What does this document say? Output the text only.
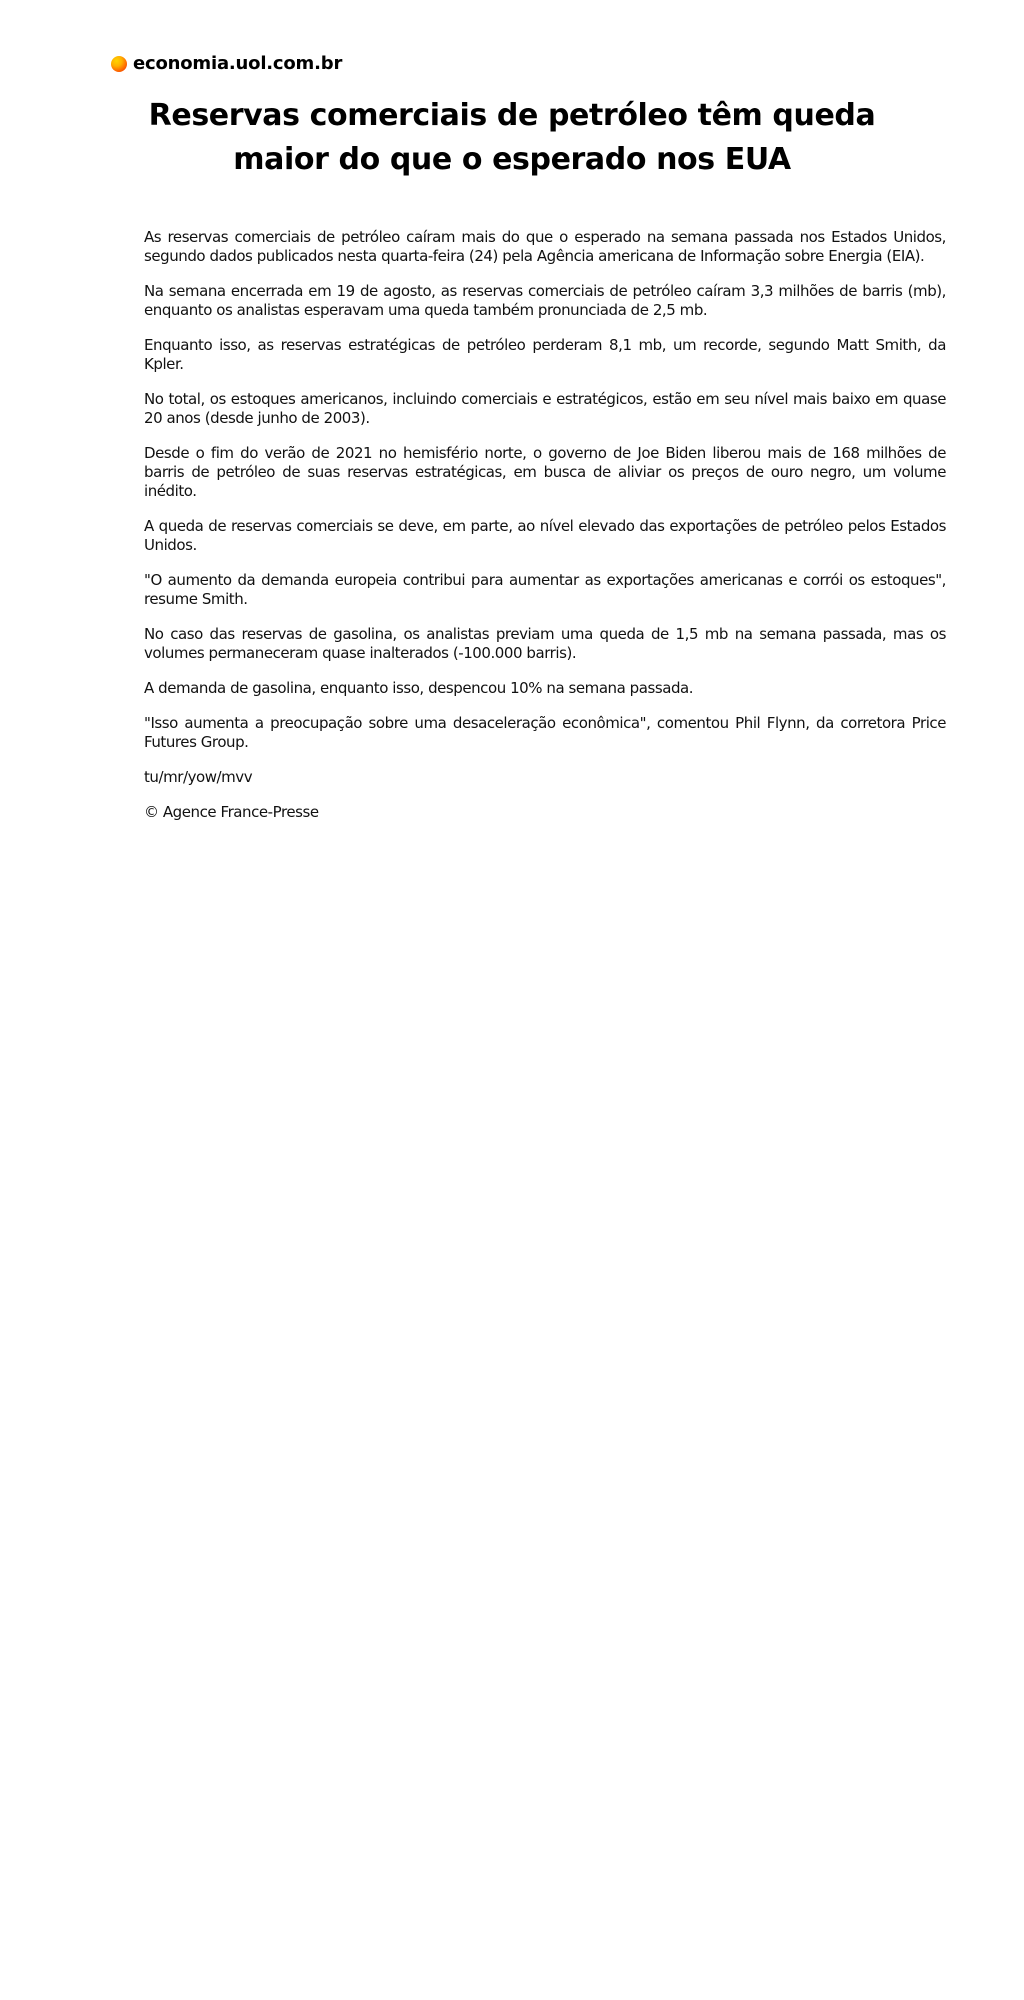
economia.uol.com.br
Reservas comerciais de petróleo têm queda maior do que o esperado nos EUA

As reservas comerciais de petróleo caíram mais do que o esperado na semana passada nos Estados Unidos, segundo dados publicados nesta quarta-feira (24) pela Agência americana de Informação sobre Energia (EIA).

Na semana encerrada em 19 de agosto, as reservas comerciais de petróleo caíram 3,3 milhões de barris (mb), enquanto os analistas esperavam uma queda também pronunciada de 2,5 mb.

Enquanto isso, as reservas estratégicas de petróleo perderam 8,1 mb, um recorde, segundo Matt Smith, da Kpler.

No total, os estoques americanos, incluindo comerciais e estratégicos, estão em seu nível mais baixo em quase 20 anos (desde junho de 2003).

Desde o fim do verão de 2021 no hemisfério norte, o governo de Joe Biden liberou mais de 168 milhões de barris de petróleo de suas reservas estratégicas, em busca de aliviar os preços de ouro negro, um volume inédito.

A queda de reservas comerciais se deve, em parte, ao nível elevado das exportações de petróleo pelos Estados Unidos.

"O aumento da demanda europeia contribui para aumentar as exportações americanas e corrói os estoques", resume Smith.

No caso das reservas de gasolina, os analistas previam uma queda de 1,5 mb na semana passada, mas os volumes permaneceram quase inalterados (-100.000 barris).

A demanda de gasolina, enquanto isso, despencou 10% na semana passada.

"Isso aumenta a preocupação sobre uma desaceleração econômica", comentou Phil Flynn, da corretora Price Futures Group.

tu/mr/yow/mvv

© Agence France-Presse
